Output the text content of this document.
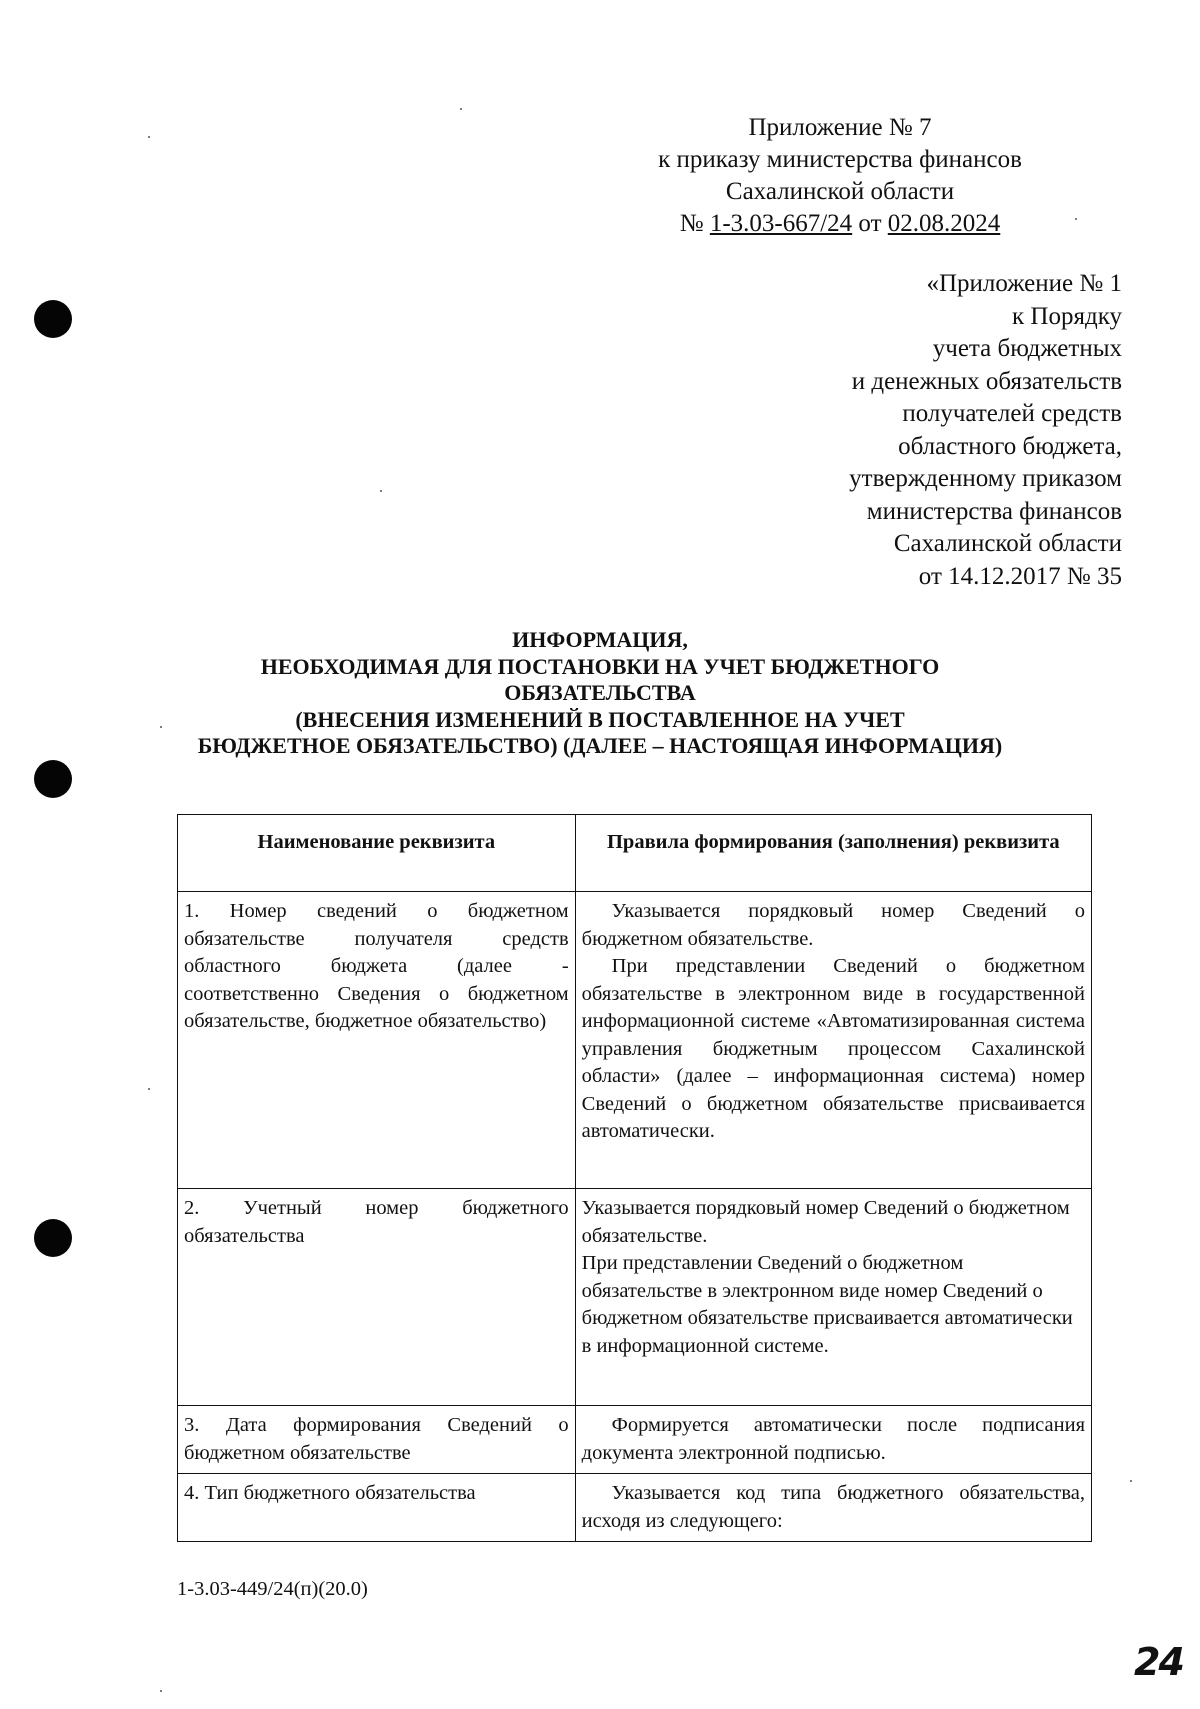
Приложение № 7
к приказу министерства финансов
Сахалинской области
№ 1-3.03-667/24 от 02.08.2024
«Приложение № 1
к Порядку
учета бюджетных
и денежных обязательств
получателей средств
областного бюджета,
утвержденному приказом
министерства финансов
Сахалинской области
от 14.12.2017 № 35
ИНФОРМАЦИЯ,
НЕОБХОДИМАЯ ДЛЯ ПОСТАНОВКИ НА УЧЕТ БЮДЖЕТНОГО
ОБЯЗАТЕЛЬСТВА
(ВНЕСЕНИЯ ИЗМЕНЕНИЙ В ПОСТАВЛЕННОЕ НА УЧЕТ
БЮДЖЕТНОЕ ОБЯЗАТЕЛЬСТВО) (ДАЛЕЕ – НАСТОЯЩАЯ ИНФОРМАЦИЯ)
Наименование реквизита	Правила формирования (заполнения) реквизита
1. Номер сведений о бюджетном обязательстве получателя средств областного бюджета (далее - соответственно Сведения о бюджетном обязательстве, бюджетное обязательство)	Указывается порядковый номер Сведений о бюджетном обязательстве.

При представлении Сведений о бюджетном обязательстве в электронном виде в государственной информационной системе «Автоматизированная система управления бюджетным процессом Сахалинской области» (далее – информационная система) номер Сведений о бюджетном обязательстве присваивается автоматически.

2. Учетный номер бюджетного обязательства	Указывается порядковый номер Сведений о бюджетном обязательстве.

При представлении Сведений о бюджетном обязательстве в электронном виде номер Сведений о бюджетном обязательстве присваивается автоматически в информационной системе.

3. Дата формирования Сведений о бюджетном обязательстве	Формируется автоматически после подписания документа электронной подписью.

4. Тип бюджетного обязательства	Указывается код типа бюджетного обязательства, исходя из следующего:

1-3.03-449/24(п)(20.0)
24
